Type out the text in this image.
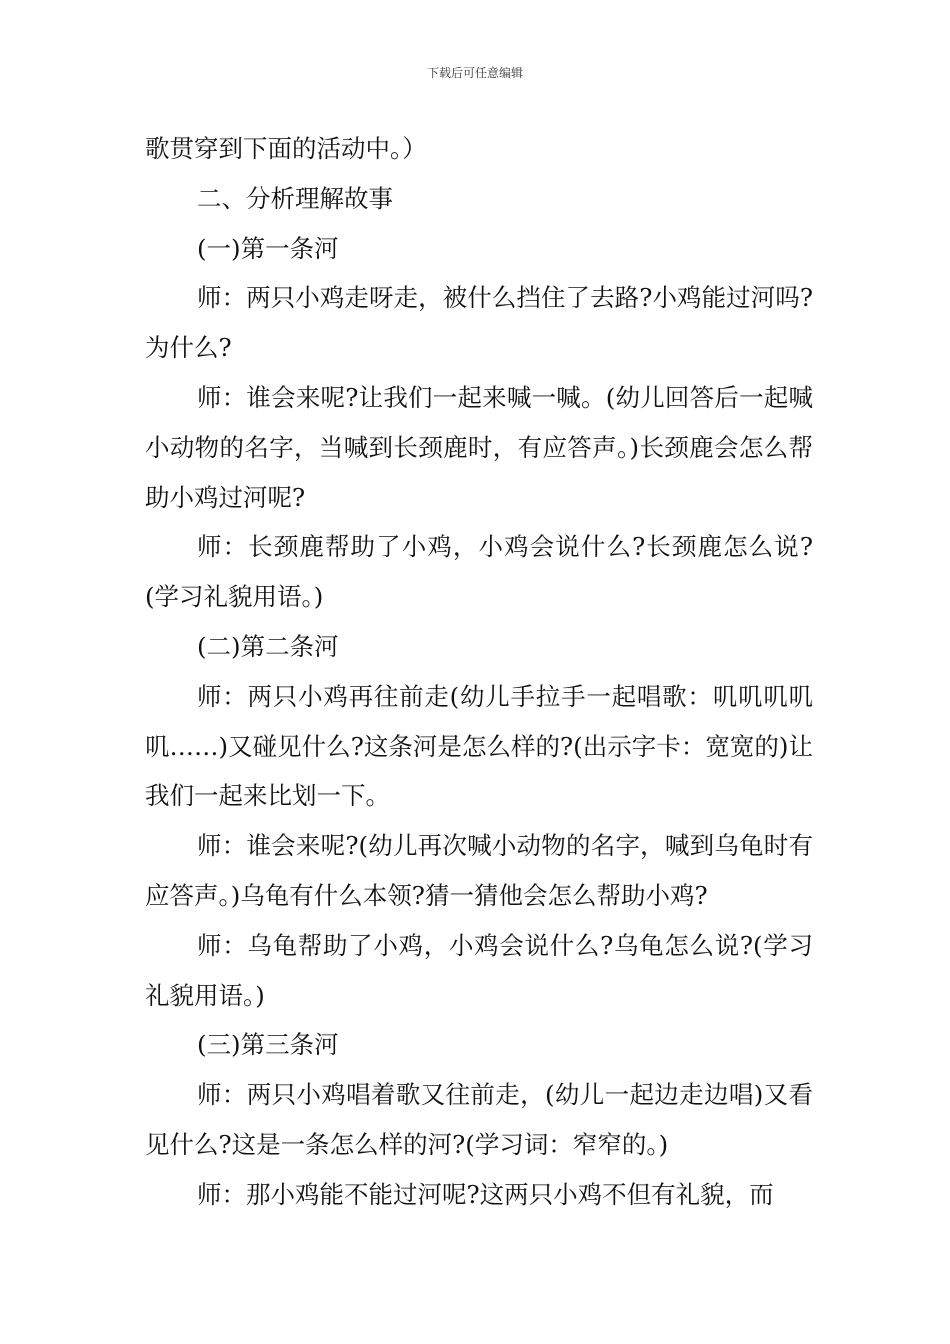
下载后可任意编辑

歌贯穿到下面的活动中。）

二、分析理解故事

(一)第一条河

师：两只小鸡走呀走，被什么挡住了去路?小鸡能过河吗?为什么?

师：谁会来呢?让我们一起来喊一喊。(幼儿回答后一起喊小动物的名字，当喊到长颈鹿时，有应答声。)长颈鹿会怎么帮助小鸡过河呢?

师：长颈鹿帮助了小鸡，小鸡会说什么?长颈鹿怎么说?(学习礼貌用语。)

(二)第二条河

师：两只小鸡再往前走(幼儿手拉手一起唱歌：叽叽叽叽叽……)又碰见什么?这条河是怎么样的?(出示字卡：宽宽的)让我们一起来比划一下。

师：谁会来呢?(幼儿再次喊小动物的名字，喊到乌龟时有应答声。)乌龟有什么本领?猜一猜他会怎么帮助小鸡?

师：乌龟帮助了小鸡，小鸡会说什么?乌龟怎么说?(学习礼貌用语。)

(三)第三条河

师：两只小鸡唱着歌又往前走，(幼儿一起边走边唱)又看见什么?这是一条怎么样的河?(学习词：窄窄的。)

师：那小鸡能不能过河呢?这两只小鸡不但有礼貌，而
